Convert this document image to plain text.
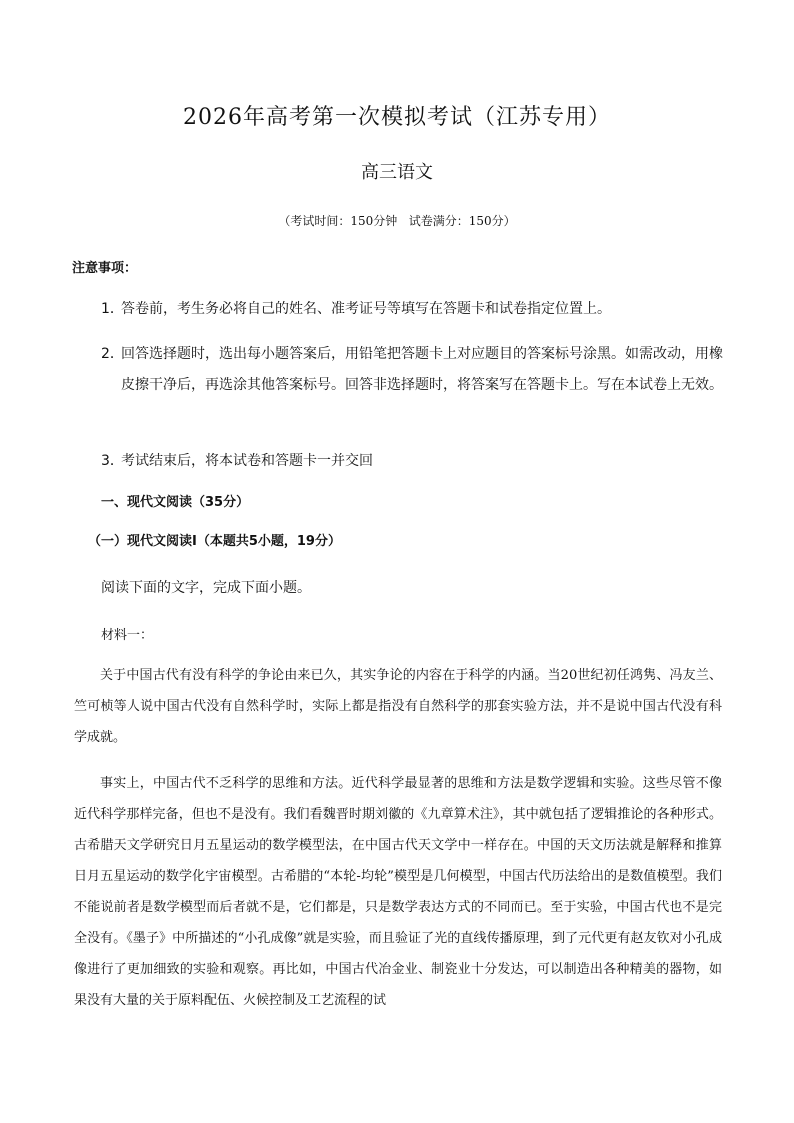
2026年高考第一次模拟考试（江苏专用）
高三语文
（考试时间：150分钟 试卷满分：150分）
注意事项：
1．
答卷前，考生务必将自己的姓名、准考证号等填写在答题卡和试卷指定位置上。
2．
回答选择题时，选出每小题答案后，用铅笔把答题卡上对应题目的答案标号涂黑。如需改动，用橡皮擦干净后，再选涂其他答案标号。回答非选择题时，将答案写在答题卡上。写在本试卷上无效。
3．
考试结束后，将本试卷和答题卡一并交回
一、现代文阅读（35分）
（一）现代文阅读Ⅰ（本题共5小题，19分）
阅读下面的文字，完成下面小题。
材料一：
关于中国古代有没有科学的争论由来已久，其实争论的内容在于科学的内涵。当20世纪初任鸿隽、冯友兰、竺可桢等人说中国古代没有自然科学时，实际上都是指没有自然科学的那套实验方法，并不是说中国古代没有科学成就。
事实上，中国古代不乏科学的思维和方法。近代科学最显著的思维和方法是数学逻辑和实验。这些尽管不像近代科学那样完备，但也不是没有。我们看魏晋时期刘徽的《九章算术注》，其中就包括了逻辑推论的各种形式。古希腊天文学研究日月五星运动的数学模型法，在中国古代天文学中一样存在。中国的天文历法就是解释和推算日月五星运动的数学化宇宙模型。古希腊的“本轮-均轮”模型是几何模型，中国古代历法给出的是数值模型。我们不能说前者是数学模型而后者就不是，它们都是，只是数学表达方式的不同而已。至于实验，中国古代也不是完全没有。《墨子》中所描述的“小孔成像”就是实验，而且验证了光的直线传播原理，到了元代更有赵友钦对小孔成像进行了更加细致的实验和观察。再比如，中国古代冶金业、制瓷业十分发达，可以制造出各种精美的器物，如果没有大量的关于原料配伍、火候控制及工艺流程的试
